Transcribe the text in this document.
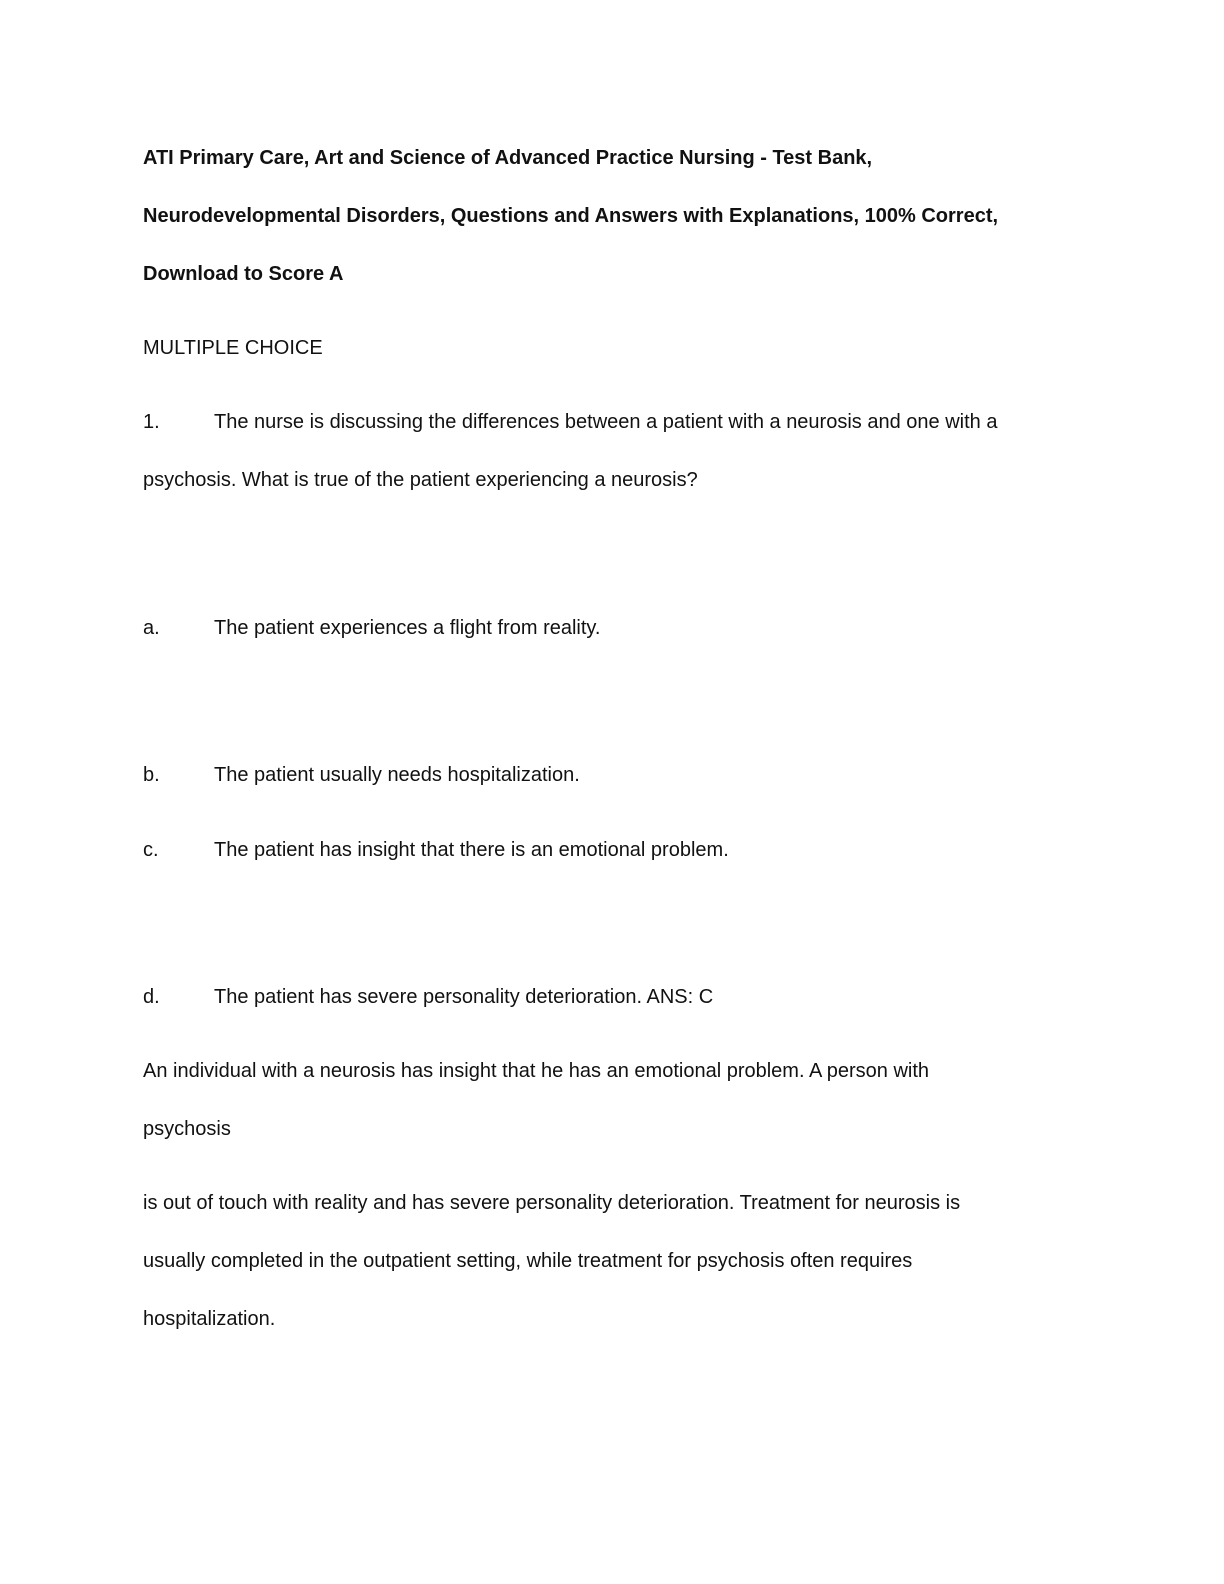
ATI Primary Care, Art and Science of Advanced Practice Nursing - Test Bank,
Neurodevelopmental Disorders, Questions and Answers with Explanations, 100% Correct,
Download to Score A
MULTIPLE CHOICE
1.	The nurse is discussing the differences between a patient with a neurosis and one with a
psychosis. What is true of the patient experiencing a neurosis?
a.	The patient experiences a flight from reality.
b.	The patient usually needs hospitalization.
c.	The patient has insight that there is an emotional problem.
d.	The patient has severe personality deterioration. ANS: C
An individual with a neurosis has insight that he has an emotional problem. A person with
psychosis
is out of touch with reality and has severe personality deterioration. Treatment for neurosis is
usually completed in the outpatient setting, while treatment for psychosis often requires
hospitalization.
